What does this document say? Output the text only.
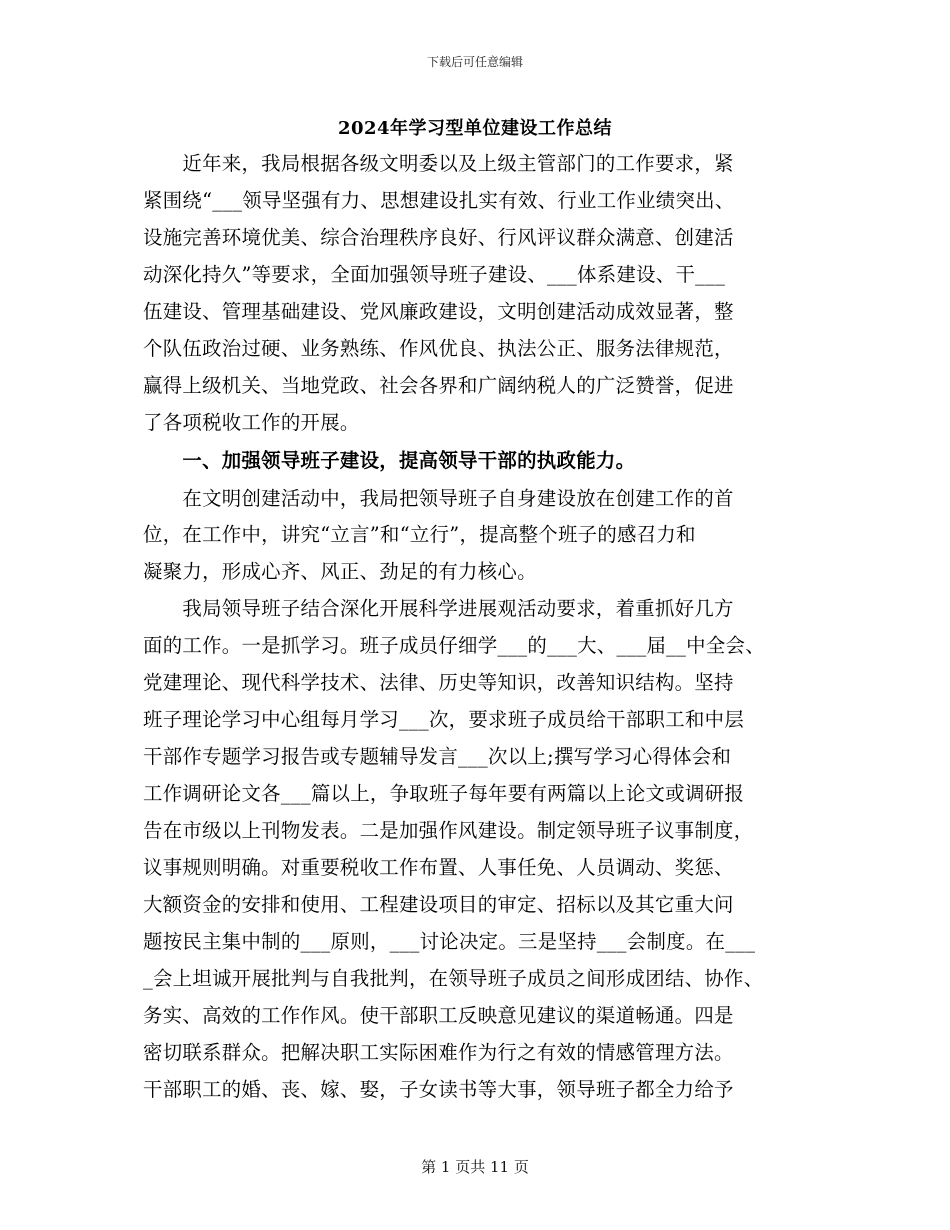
下载后可任意编辑
2024年学习型单位建设工作总结
　　近年来，我局根据各级文明委以及上级主管部门的工作要求，紧
紧围绕“___领导坚强有力、思想建设扎实有效、行业工作业绩突出、
设施完善环境优美、综合治理秩序良好、行风评议群众满意、创建活
动深化持久”等要求，全面加强领导班子建设、___体系建设、干___
伍建设、管理基础建设、党风廉政建设，文明创建活动成效显著，整
个队伍政治过硬、业务熟练、作风优良、执法公正、服务法律规范，
赢得上级机关、当地党政、社会各界和广阔纳税人的广泛赞誉，促进
了各项税收工作的开展。
　　一、加强领导班子建设，提高领导干部的执政能力。
　　在文明创建活动中，我局把领导班子自身建设放在创建工作的首
位，在工作中，讲究“立言”和“立行”，提高整个班子的感召力和
凝聚力，形成心齐、风正、劲足的有力核心。
　　我局领导班子结合深化开展科学进展观活动要求，着重抓好几方
面的工作。一是抓学习。班子成员仔细学___的___大、___届__中全会、
党建理论、现代科学技术、法律、历史等知识，改善知识结构。坚持
班子理论学习中心组每月学习___次，要求班子成员给干部职工和中层
干部作专题学习报告或专题辅导发言___次以上;撰写学习心得体会和
工作调研论文各___篇以上，争取班子每年要有两篇以上论文或调研报
告在市级以上刊物发表。二是加强作风建设。制定领导班子议事制度，
议事规则明确。对重要税收工作布置、人事任免、人员调动、奖惩、
大额资金的安排和使用、工程建设项目的审定、招标以及其它重大问
题按民主集中制的___原则，___讨论决定。三是坚持___会制度。在___
_会上坦诚开展批判与自我批判，在领导班子成员之间形成团结、协作、
务实、高效的工作作风。使干部职工反映意见建议的渠道畅通。四是
密切联系群众。把解决职工实际困难作为行之有效的情感管理方法。
干部职工的婚、丧、嫁、娶，子女读书等大事，领导班子都全力给予
第 1 页共 11 页
